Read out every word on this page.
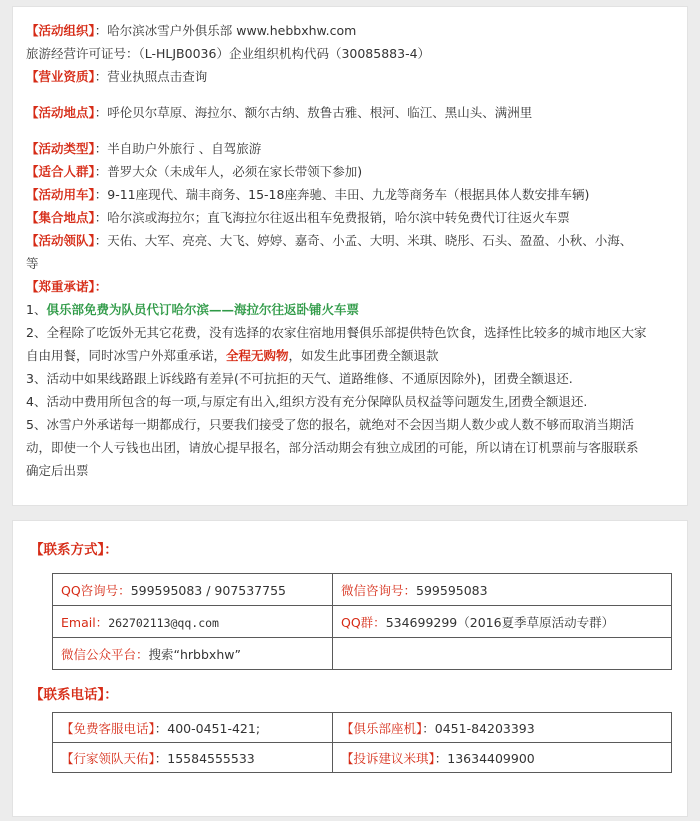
【活动组织】：哈尔滨冰雪户外俱乐部 www.hebbxhw.com
旅游经营许可证号：（L-HLJB0036）企业组织机构代码（30085883-4）
【营业资质】：营业执照点击查询
【活动地点】：呼伦贝尔草原、海拉尔、额尔古纳、敖鲁古雅、根河、临江、黑山头、满洲里
【活动类型】：半自助户外旅行 、自驾旅游
【适合人群】：普罗大众（未成年人，必须在家长带领下参加)
【活动用车】：9-11座现代、瑞丰商务、15-18座奔驰、丰田、九龙等商务车（根据具体人数安排车辆)
【集合地点】：哈尔滨或海拉尔；直飞海拉尔往返出租车免费报销，哈尔滨中转免费代订往返火车票
【活动领队】：天佑、大军、亮亮、大飞、婷婷、嘉奇、小孟、大明、米琪、晓彤、石头、盈盈、小秋、小海、
等
【郑重承诺】：
1、俱乐部免费为队员代订哈尔滨——海拉尔往返卧铺火车票
2、全程除了吃饭外无其它花费，没有选择的农家住宿地用餐俱乐部提供特色饮食，选择性比较多的城市地区大家
自由用餐，同时冰雪户外郑重承诺，全程无购物，如发生此事团费全额退款
3、活动中如果线路跟上诉线路有差异(不可抗拒的天气、道路维修、不通原因除外)，团费全额退还.
4、活动中费用所包含的每一项,与原定有出入,组织方没有充分保障队员权益等问题发生,团费全额退还.
5、冰雪户外承诺每一期都成行，只要我们接受了您的报名，就绝对不会因当期人数少或人数不够而取消当期活
动，即使一个人亏钱也出团，请放心提早报名，部分活动期会有独立成团的可能，所以请在订机票前与客服联系
确定后出票
【联系方式】：
QQ咨询号：599595083 / 907537755	微信咨询号：599595083
Email：262702113@qq.com	QQ群：534699299（2016夏季草原活动专群）
微信公众平台：搜索“hrbbxhw”	
【联系电话】：
【免费客服电话】：400-0451-421;	【俱乐部座机】：0451-84203393
【行家领队天佑】：15584555533	【投诉建议米琪】：13634409900
